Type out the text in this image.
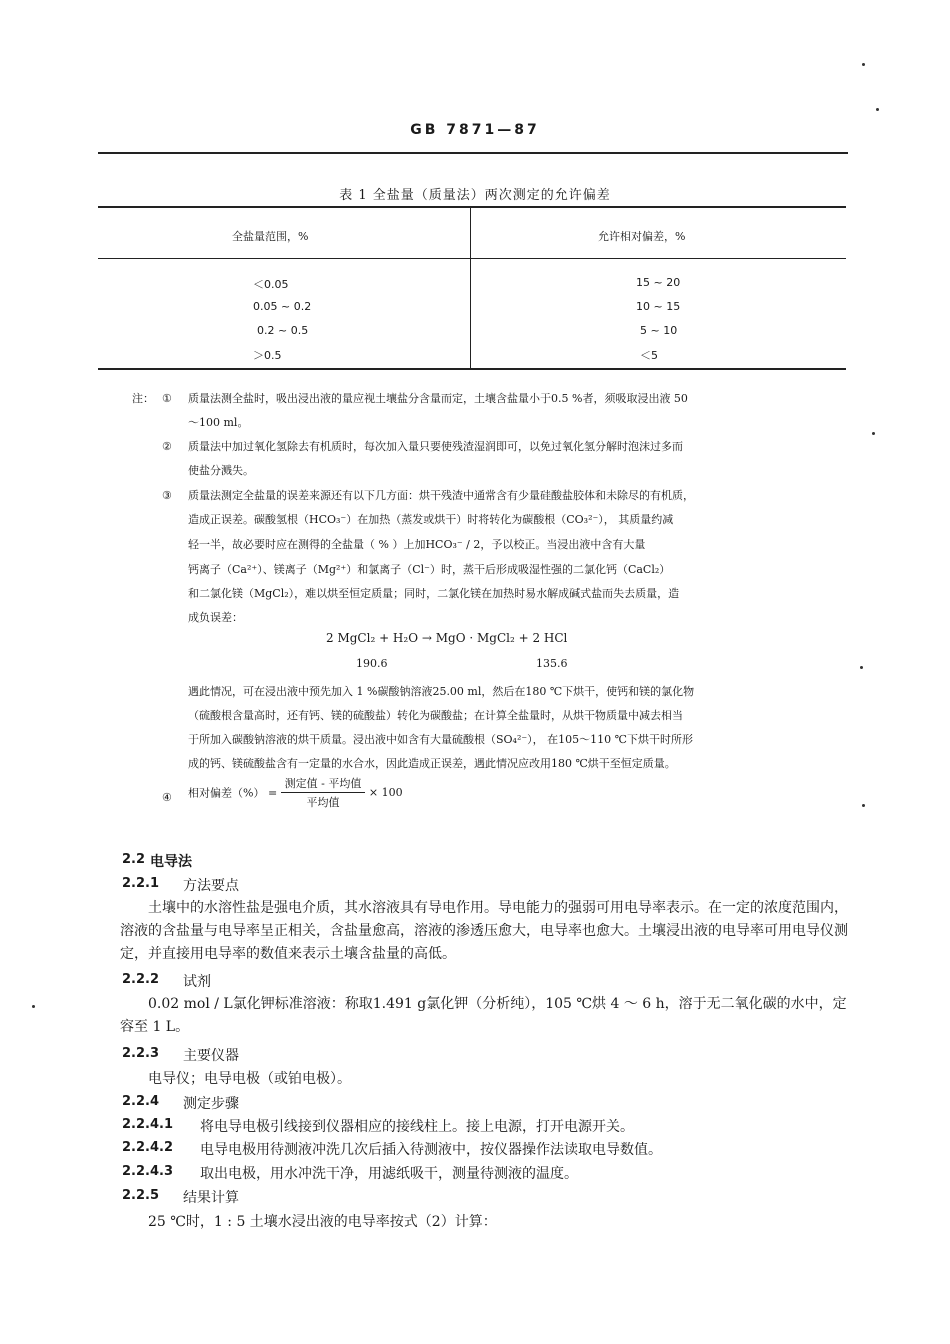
GB 7871—87
表 1 全盐量（质量法）两次测定的允许偏差
全盐量范围，%	允许相对偏差，%
＜0.05
0.05 ~ 0.2
0.2 ~ 0.5
＞0.5
15 ~ 20
10 ~ 15
5 ~ 10
＜5
注： ① 质量法测全盐时，吸出浸出液的量应视土壤盐分含量而定，土壤含盐量小于0.5 %者，须吸取浸出液 50
～100 ml。
② 质量法中加过氧化氢除去有机质时，每次加入量只要使残渣湿润即可，以免过氧化氢分解时泡沫过多而
使盐分溅失。
③ 质量法测定全盐量的误差来源还有以下几方面：烘干残渣中通常含有少量硅酸盐胶体和未除尽的有机质，
造成正误差。碳酸氢根（HCO₃⁻）在加热（蒸发或烘干）时将转化为碳酸根（CO₃²⁻）， 其质量约减
轻一半，故必要时应在测得的全盐量（ % ）上加HCO₃⁻ / 2，予以校正。当浸出液中含有大量
钙离子（Ca²⁺）、镁离子（Mg²⁺）和氯离子（Cl⁻）时，蒸干后形成吸湿性强的二氯化钙（CaCl₂）
和二氯化镁（MgCl₂），难以烘至恒定质量；同时，二氯化镁在加热时易水解成碱式盐而失去质量，造
成负误差：
2 MgCl₂ + H₂O → MgO · MgCl₂ + 2 HCl
190.6	135.6
遇此情况，可在浸出液中预先加入 1 %碳酸钠溶液25.00 ml，然后在180 ℃下烘干，使钙和镁的氯化物
（硫酸根含量高时，还有钙、镁的硫酸盐）转化为碳酸盐；在计算全盐量时，从烘干物质量中减去相当
于所加入碳酸钠溶液的烘干质量。浸出液中如含有大量硫酸根（SO₄²⁻）， 在105～110 ℃下烘干时所形
成的钙、镁硫酸盐含有一定量的水合水，因此造成正误差，遇此情况应改用180 ℃烘干至恒定质量。
④ 相对偏差（%） = $\frac{\text{测定值 - 平均值}}{\text{平均值}} \times 100$
2.2 电导法
2.2.1 方法要点
土壤中的水溶性盐是强电介质，其水溶液具有导电作用。导电能力的强弱可用电导率表示。在一定的浓度范围内，溶液的含盐量与电导率呈正相关，含盐量愈高，溶液的渗透压愈大，电导率也愈大。土壤浸出液的电导率可用电导仪测定，并直接用电导率的数值来表示土壤含盐量的高低。
2.2.2 试剂
0.02 mol / L氯化钾标准溶液：称取1.491 g氯化钾（分析纯），105 ℃烘 4 ～ 6 h，溶于无二氧化碳的水中，定容至 1 L。
2.2.3 主要仪器
电导仪；电导电极（或铂电极）。
2.2.4 测定步骤
2.2.4.1 将电导电极引线接到仪器相应的接线柱上。接上电源，打开电源开关。
2.2.4.2 电导电极用待测液冲洗几次后插入待测液中，按仪器操作法读取电导数值。
2.2.4.3 取出电极，用水冲洗干净，用滤纸吸干，测量待测液的温度。
2.2.5 结果计算
25 ℃时，1 : 5 土壤水浸出液的电导率按式（2）计算：
